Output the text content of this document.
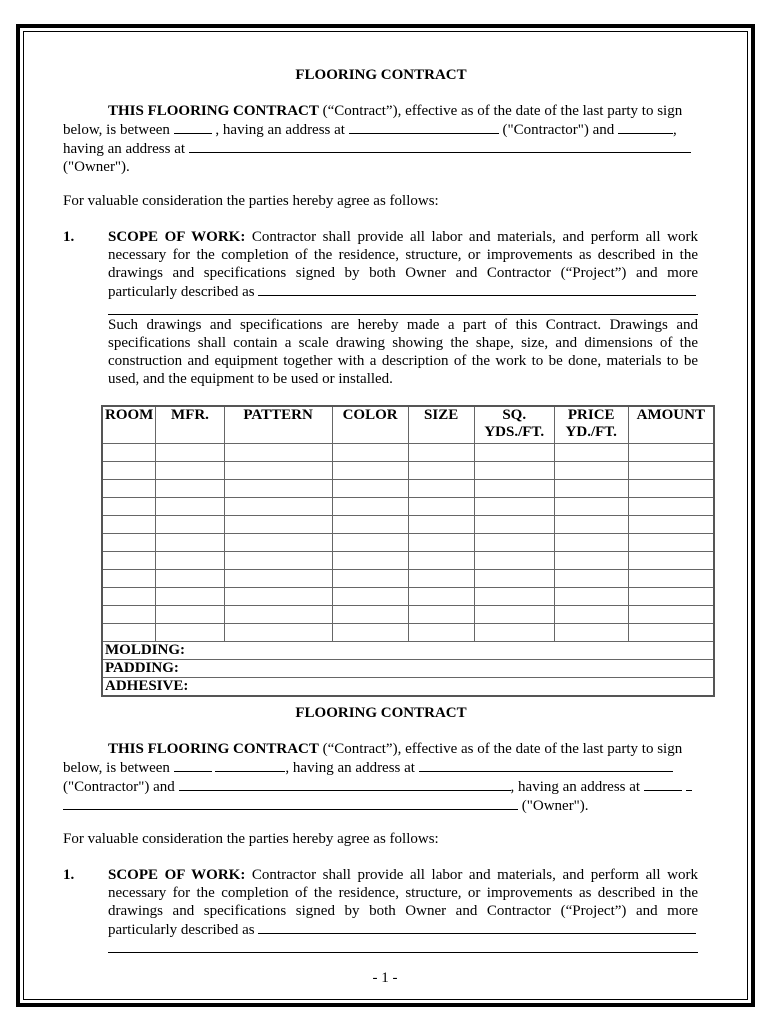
FLOORING CONTRACT
THIS FLOORING CONTRACT (“Contract”), effective as of the date of the last party to sign
below, is between	, having an address at	("Contractor") and	,
having an address at
("Owner").
For valuable consideration the parties hereby agree as follows:
1. SCOPE OF WORK: Contractor shall provide all labor and materials, and perform all work necessary for the completion of the residence, structure, or improvements as described in the drawings and specifications signed by both Owner and Contractor (“Project”) and more particularly described as

Such drawings and specifications are hereby made a part of this Contract. Drawings and specifications shall contain a scale drawing showing the shape, size, and dimensions of the construction and equipment together with a description of the work to be done, materials to be used, and the equipment to be used or installed.
ROOM	MFR.	PATTERN	COLOR	SIZE	SQ. YDS./FT.	PRICE YD./FT.	AMOUNT

MOLDING:							
PADDING:							
ADHESIVE:							
FLOORING CONTRACT
THIS FLOORING CONTRACT (“Contract”), effective as of the date of the last party to sign
below, is between	, having an address at
("Contractor") and	, having an address at
("Owner").
For valuable consideration the parties hereby agree as follows:
1. SCOPE OF WORK: Contractor shall provide all labor and materials, and perform all work necessary for the completion of the residence, structure, or improvements as described in the drawings and specifications signed by both Owner and Contractor (“Project”) and more particularly described as

- 1 -
